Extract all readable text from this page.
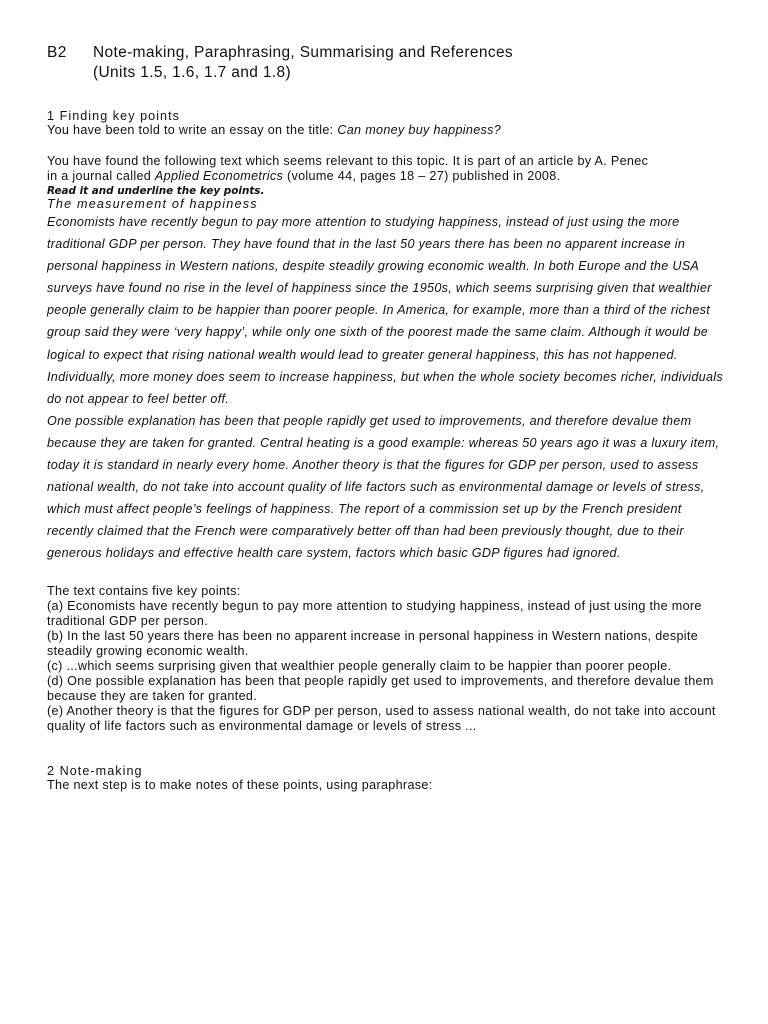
B2 Note-making, Paraphrasing, Summarising and References
(Units 1.5, 1.6, 1.7 and 1.8)

1 Finding key points

You have been told to write an essay on the title: Can money buy happiness?

You have found the following text which seems relevant to this topic. It is part of an article by A. Penec

in a journal called Applied Econometrics (volume 44, pages 18 – 27) published in 2008.

Read it and underline the key points.

The measurement of happiness

Economists have recently begun to pay more attention to studying happiness, instead of just using the more traditional GDP per person. They have found that in the last 50 years there has been no apparent increase in personal happiness in Western nations, despite steadily growing economic wealth. In both Europe and the USA surveys have found no rise in the level of happiness since the 1950s, which seems surprising given that wealthier people generally claim to be happier than poorer people. In America, for example, more than a third of the richest group said they were ‘very happy’, while only one sixth of the poorest made the same claim. Although it would be logical to expect that rising national wealth would lead to greater general happiness, this has not happened. Individually, more money does seem to increase happiness, but when the whole society becomes richer, individuals do not appear to feel better off.

One possible explanation has been that people rapidly get used to improvements, and therefore devalue them because they are taken for granted. Central heating is a good example: whereas 50 years ago it was a luxury item, today it is standard in nearly every home. Another theory is that the figures for GDP per person, used to assess national wealth, do not take into account quality of life factors such as environmental damage or levels of stress, which must affect people’s feelings of happiness. The report of a commission set up by the French president recently claimed that the French were comparatively better off than had been previously thought, due to their generous holidays and effective health care system, factors which basic GDP figures had ignored.

The text contains five key points:

(a) Economists have recently begun to pay more attention to studying happiness, instead of just using the more traditional GDP per person.

(b) In the last 50 years there has been no apparent increase in personal happiness in Western nations, despite steadily growing economic wealth.

(c) ...which seems surprising given that wealthier people generally claim to be happier than poorer people.

(d) One possible explanation has been that people rapidly get used to improvements, and therefore devalue them because they are taken for granted.

(e) Another theory is that the figures for GDP per person, used to assess national wealth, do not take into account quality of life factors such as environmental damage or levels of stress ...

2 Note-making

The next step is to make notes of these points, using paraphrase:
